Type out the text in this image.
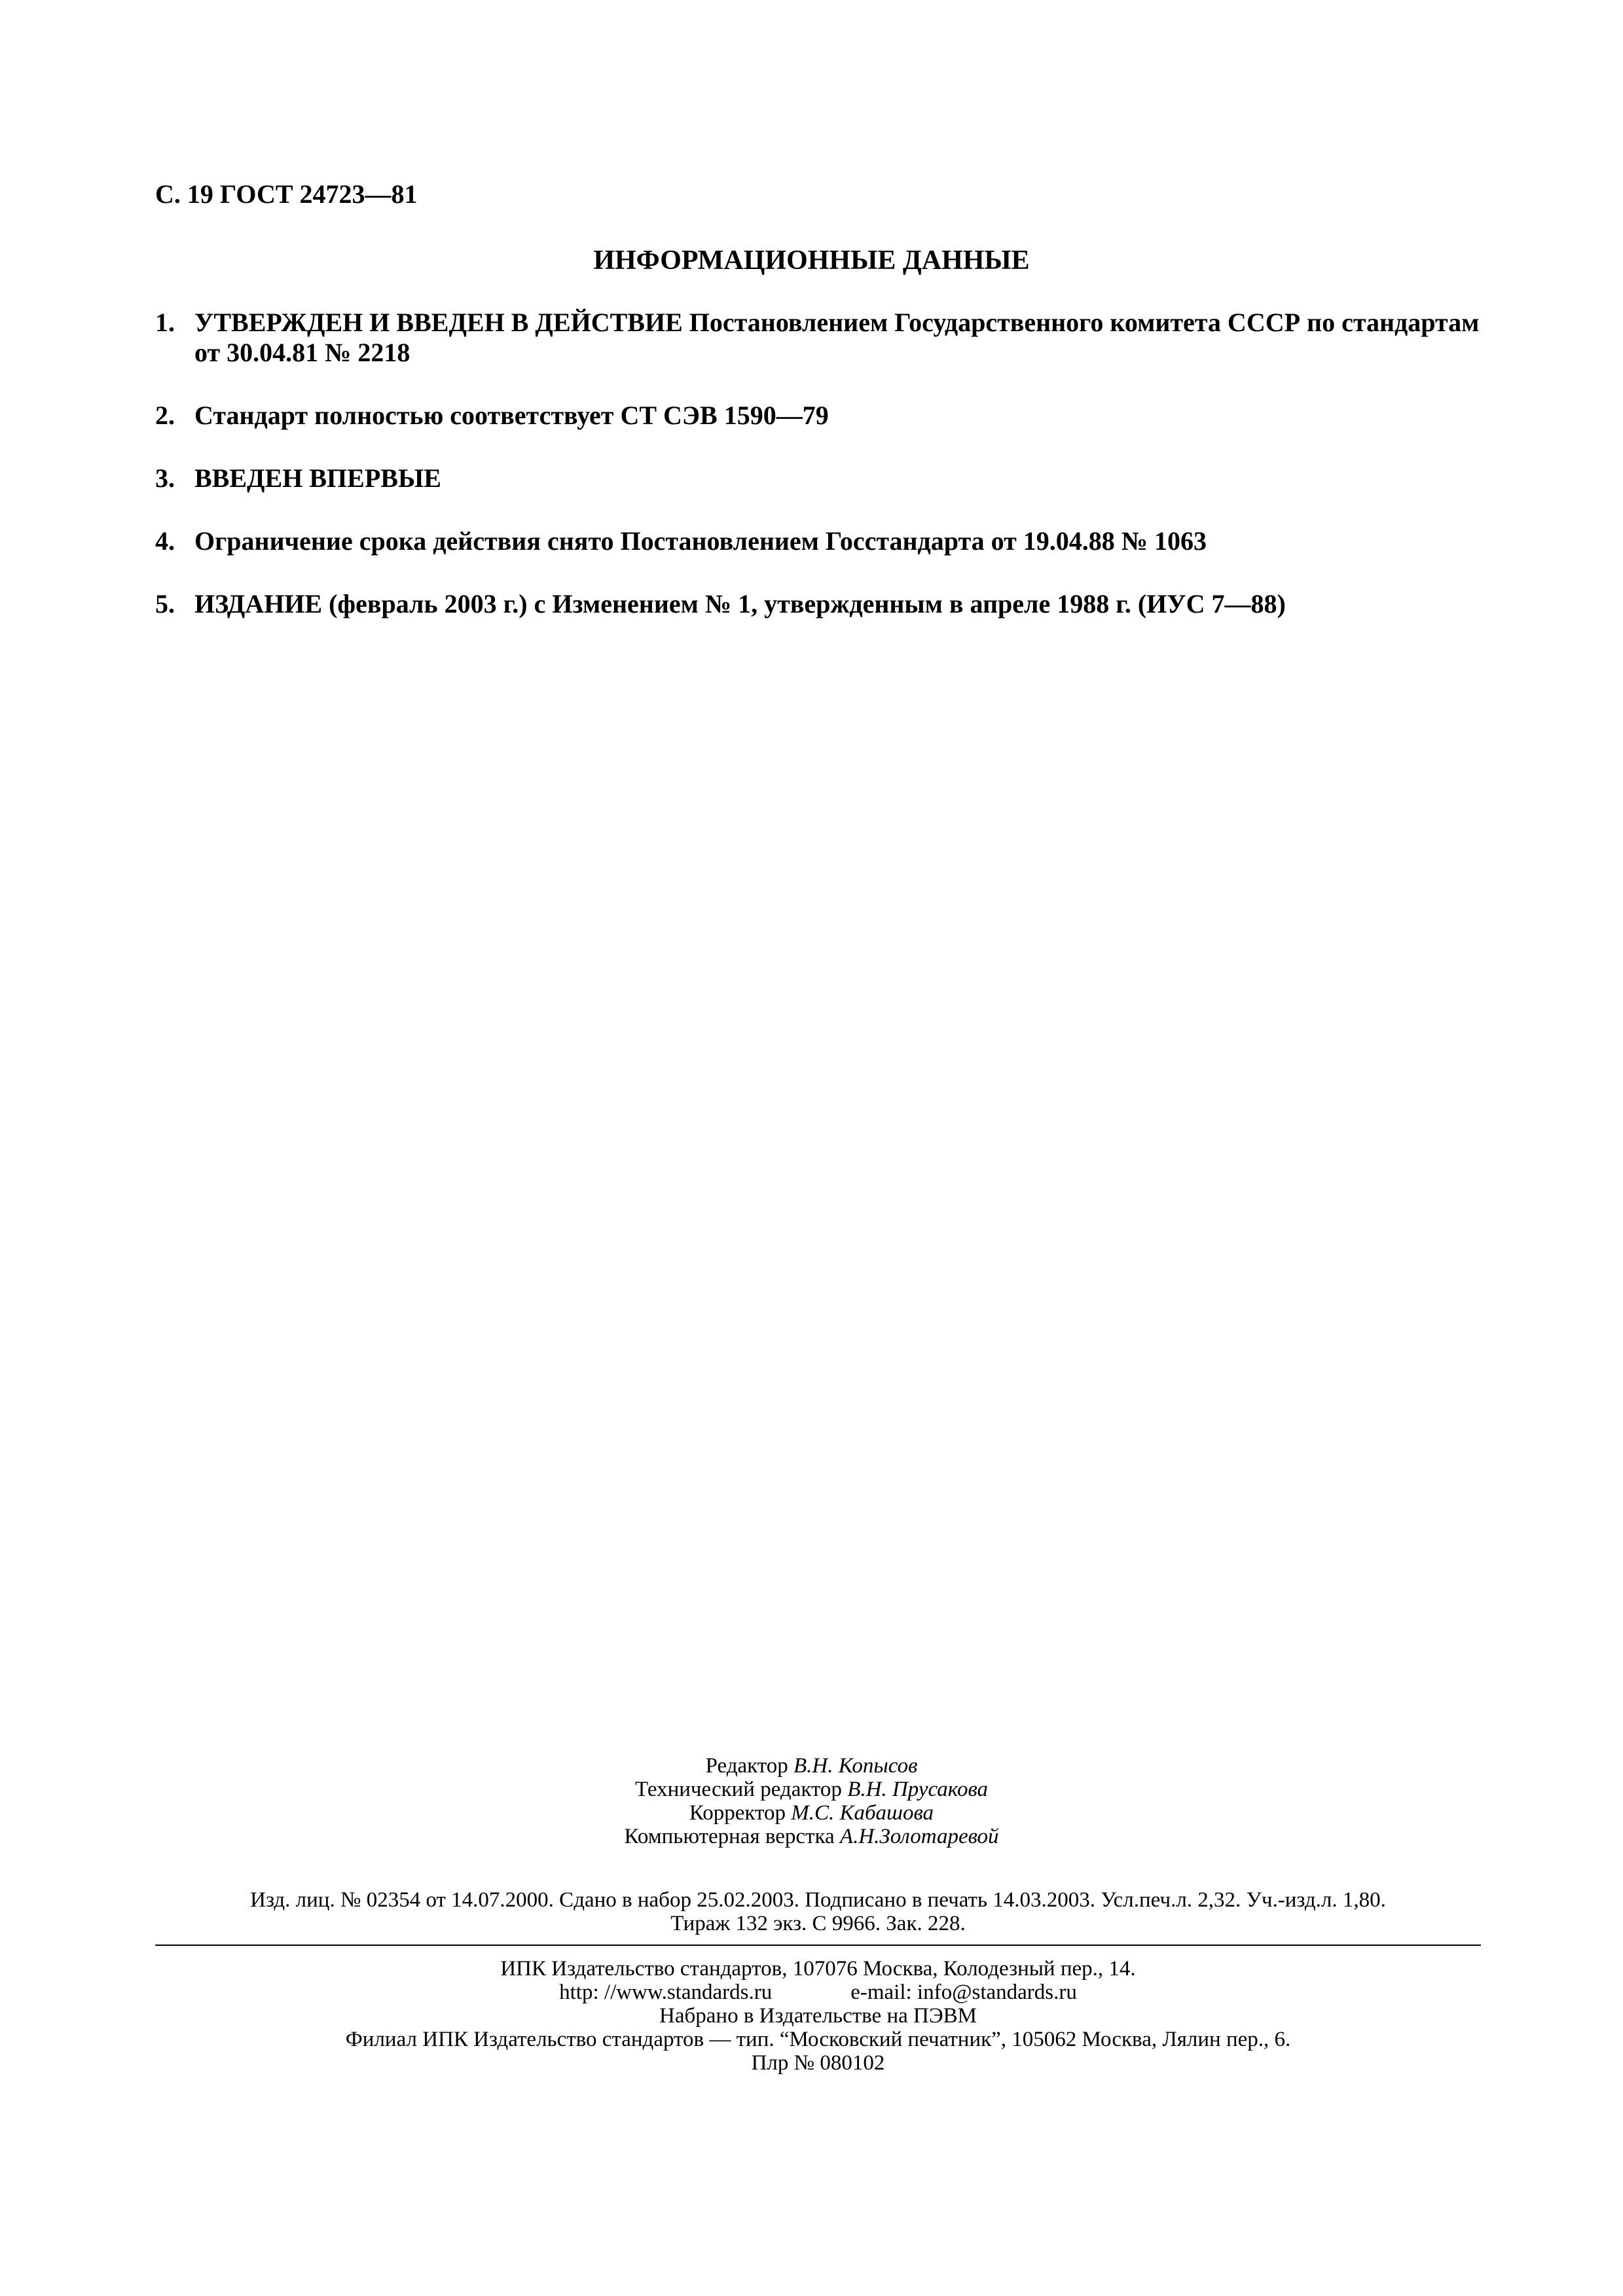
С. 19 ГОСТ 24723—81
ИНФОРМАЦИОННЫЕ ДАННЫЕ
1. УТВЕРЖДЕН И ВВЕДЕН В ДЕЙСТВИЕ Постановлением Государственного комитета СССР по стандартам от 30.04.81 № 2218
2. Стандарт полностью соответствует СТ СЭВ 1590—79
3. ВВЕДЕН ВПЕРВЫЕ
4. Ограничение срока действия снято Постановлением Госстандарта от 19.04.88 № 1063
5. ИЗДАНИЕ (февраль 2003 г.) с Изменением № 1, утвержденным в апреле 1988 г. (ИУС 7—88)
Редактор В.Н. Копысов
Технический редактор В.Н. Прусакова
Корректор М.С. Кабашова
Компьютерная верстка А.Н.Золотаревой
Изд. лиц. № 02354 от 14.07.2000. Сдано в набор 25.02.2003. Подписано в печать 14.03.2003. Усл.печ.л. 2,32. Уч.-изд.л. 1,80.
Тираж 132 экз. С 9966. Зак. 228.
ИПК Издательство стандартов, 107076 Москва, Колодезный пер., 14.
http: //www.standards.ru	e-mail: info@standards.ru
Набрано в Издательстве на ПЭВМ
Филиал ИПК Издательство стандартов — тип. “Московский печатник”, 105062 Москва, Лялин пер., 6.
Плр № 080102
